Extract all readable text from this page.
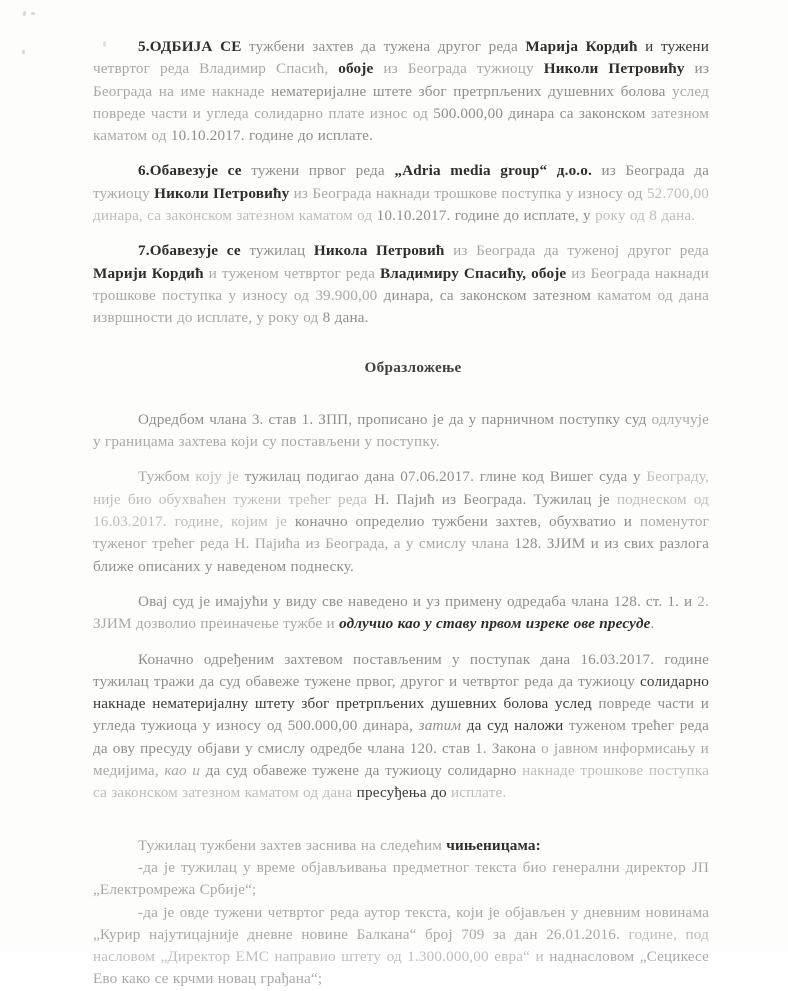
5.ОДБИЈА СЕ тужбени захтев да тужена другог реда Марија Кордић и тужени четвртог реда Владимир Спасић, обоје из Београда тужиоцу Николи Петровићу из Београда на име накнаде нематеријалне штете због претрпљених душевних болова услед повреде части и угледа солидарно плате износ од 500.000,00 динара са законском затезном каматом од 10.10.2017. године до исплате.

6.Обавезује се тужени првог реда „Adria media group“ д.о.о. из Београда да тужиоцу Николи Петровићу из Београда накнади трошкове поступка у износу од 52.700,00 динара, са законском затезном каматом од 10.10.2017. године до исплате, у року од 8 дана.

7.Обавезује се тужилац Никола Петровић из Београда да туженој другог реда Марији Кордић и туженом четвртог реда Владимиру Спасићу, обоје из Београда накнади трошкове поступка у износу од 39.900,00 динара, са законском затезном каматом од дана извршности до исплате, у року од 8 дана.

Образложење

Одредбом члана 3. став 1. ЗПП, прописано је да у парничном поступку суд одлучује у границама захтева који су постављени у поступку.

Тужбом коју је тужилац подигао дана 07.06.2017. глине код Вишег суда у Београду, није био обухваћен тужени трећег реда Н. Пајић из Београда. Тужилац је поднеском од 16.03.2017. године, којим је коначно определио тужбени захтев, обухватио и поменутог туженог трећег реда Н. Пајића из Београда, а у смислу члана 128. ЗЈИМ и из свих разлога ближе описаних у наведеном поднеску.

Овај суд је имајући у виду све наведено и уз примену одредаба члана 128. ст. 1. и 2. ЗЈИМ дозволио преиначење тужбе и одлучио као у ставу првом изреке ове пресуде.

Коначно одређеним захтевом постављеним у поступак дана 16.03.2017. године тужилац тражи да суд обавеже тужене првог, другог и четвртог реда да тужиоцу солидарно накнаде нематеријалну штету због претрпљених душевних болова услед повреде части и угледа тужиоца у износу од 500.000,00 динара, затим да суд наложи туженом трећег реда да ову пресуду објави у смислу одредбе члана 120. став 1. Закона о јавном информисању и медијима, као и да суд обавеже тужене да тужиоцу солидарно накнаде трошкове поступка са законском затезном каматом од дана пресуђења до исплате.

Тужилац тужбени захтев заснива на следећим чињеницама:

-да је тужилац у време објављивања предметног текста био генерални директор ЈП „Електромрежа Србије“;

-да је овде тужени четвртог реда аутор текста, који је објављен у дневним новинама „Курир најутицајније дневне новине Балкана“ број 709 за дан 26.01.2016. године, под насловом „Директор ЕМС направио штету од 1.300.000,00 евра“ и наднасловом „Сецикесе Ево како се крчми новац грађана“;
